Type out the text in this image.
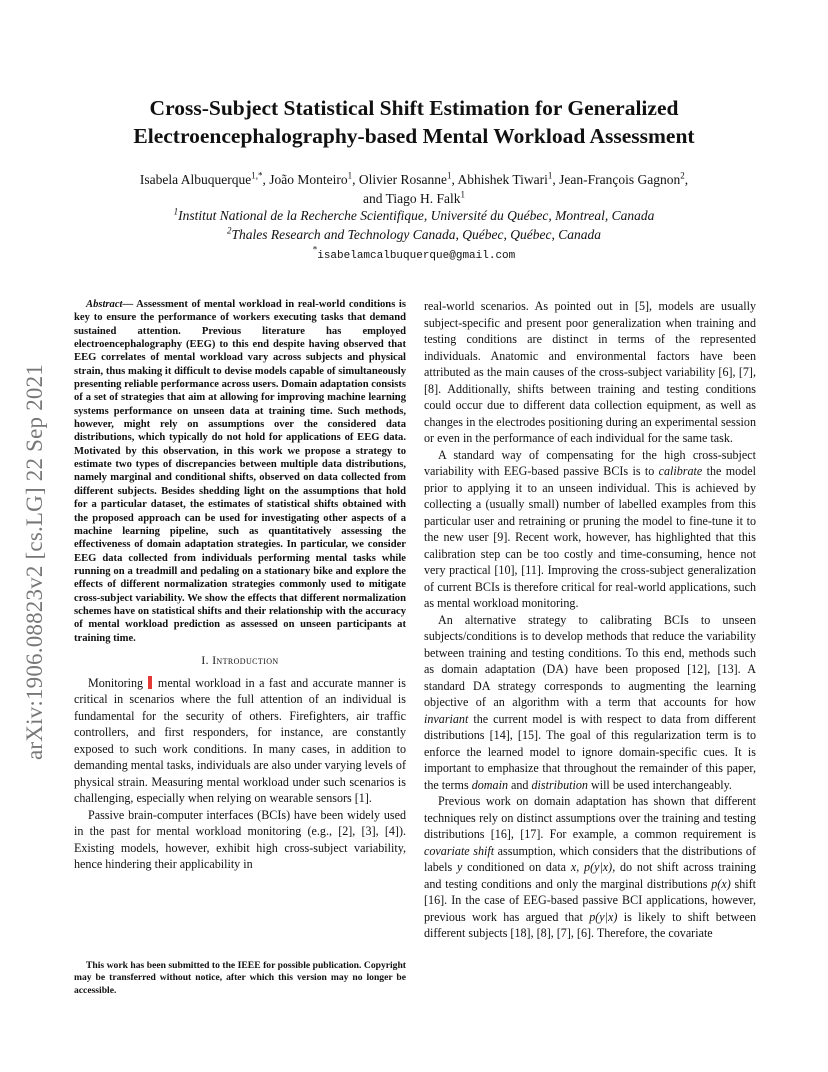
arXiv:1906.08823v2 [cs.LG] 22 Sep 2021
Cross-Subject Statistical Shift Estimation for Generalized Electroencephalography-based Mental Workload Assessment

Isabela Albuquerque$^{1,*}$, João Monteiro$^1$, Olivier Rosanne$^1$, Abhishek Tiwari$^1$, Jean-François Gagnon$^2$,
and Tiago H. Falk$^1$

$^1$Institut National de la Recherche Scientifique, Université du Québec, Montreal, Canada
$^2$Thales Research and Technology Canada, Québec, Québec, Canada
*isabelamcalbuquerque@gmail.com

Abstract— Assessment of mental workload in real-world conditions is key to ensure the performance of workers executing tasks that demand sustained attention. Previous literature has employed electroencephalography (EEG) to this end despite having observed that EEG correlates of mental workload vary across subjects and physical strain, thus making it difficult to devise models capable of simultaneously presenting reliable performance across users. Domain adaptation consists of a set of strategies that aim at allowing for improving machine learning systems performance on unseen data at training time. Such methods, however, might rely on assumptions over the considered data distributions, which typically do not hold for applications of EEG data. Motivated by this observation, in this work we propose a strategy to estimate two types of discrepancies between multiple data distributions, namely marginal and conditional shifts, observed on data collected from different subjects. Besides shedding light on the assumptions that hold for a particular dataset, the estimates of statistical shifts obtained with the proposed approach can be used for investigating other aspects of a machine learning pipeline, such as quantitatively assessing the effectiveness of domain adaptation strategies. In particular, we consider EEG data collected from individuals performing mental tasks while running on a treadmill and pedaling on a stationary bike and explore the effects of different normalization strategies commonly used to mitigate cross-subject variability. We show the effects that different normalization schemes have on statistical shifts and their relationship with the accuracy of mental workload prediction as assessed on unseen participants at training time.

I. Introduction

Monitoring  mental workload in a fast and accurate manner is critical in scenarios where the full attention of an individual is fundamental for the security of others. Firefighters, air traffic controllers, and first responders, for instance, are constantly exposed to such work conditions. In many cases, in addition to demanding mental tasks, individuals are also under varying levels of physical strain. Measuring mental workload under such scenarios is challenging, especially when relying on wearable sensors [1].

Passive brain-computer interfaces (BCIs) have been widely used in the past for mental workload monitoring (e.g., [2], [3], [4]). Existing models, however, exhibit high cross-subject variability, hence hindering their applicability in

This work has been submitted to the IEEE for possible publication. Copyright may be transferred without notice, after which this version may no longer be accessible.

real-world scenarios. As pointed out in [5], models are usually subject-specific and present poor generalization when training and testing conditions are distinct in terms of the represented individuals. Anatomic and environmental factors have been attributed as the main causes of the cross-subject variability [6], [7], [8]. Additionally, shifts between training and testing conditions could occur due to different data collection equipment, as well as changes in the electrodes positioning during an experimental session or even in the performance of each individual for the same task.

A standard way of compensating for the high cross-subject variability with EEG-based passive BCIs is to calibrate the model prior to applying it to an unseen individual. This is achieved by collecting a (usually small) number of labelled examples from this particular user and retraining or pruning the model to fine-tune it to the new user [9]. Recent work, however, has highlighted that this calibration step can be too costly and time-consuming, hence not very practical [10], [11]. Improving the cross-subject generalization of current BCIs is therefore critical for real-world applications, such as mental workload monitoring.

An alternative strategy to calibrating BCIs to unseen subjects/conditions is to develop methods that reduce the variability between training and testing conditions. To this end, methods such as domain adaptation (DA) have been proposed [12], [13]. A standard DA strategy corresponds to augmenting the learning objective of an algorithm with a term that accounts for how invariant the current model is with respect to data from different distributions [14], [15]. The goal of this regularization term is to enforce the learned model to ignore domain-specific cues. It is important to emphasize that throughout the remainder of this paper, the terms domain and distribution will be used interchangeably.

Previous work on domain adaptation has shown that different techniques rely on distinct assumptions over the training and testing distributions [16], [17]. For example, a common requirement is covariate shift assumption, which considers that the distributions of labels y conditioned on data x, p(y|x), do not shift across training and testing conditions and only the marginal distributions p(x) shift [16]. In the case of EEG-based passive BCI applications, however, previous work has argued that p(y|x) is likely to shift between different subjects [18], [8], [7], [6]. Therefore, the covariate
